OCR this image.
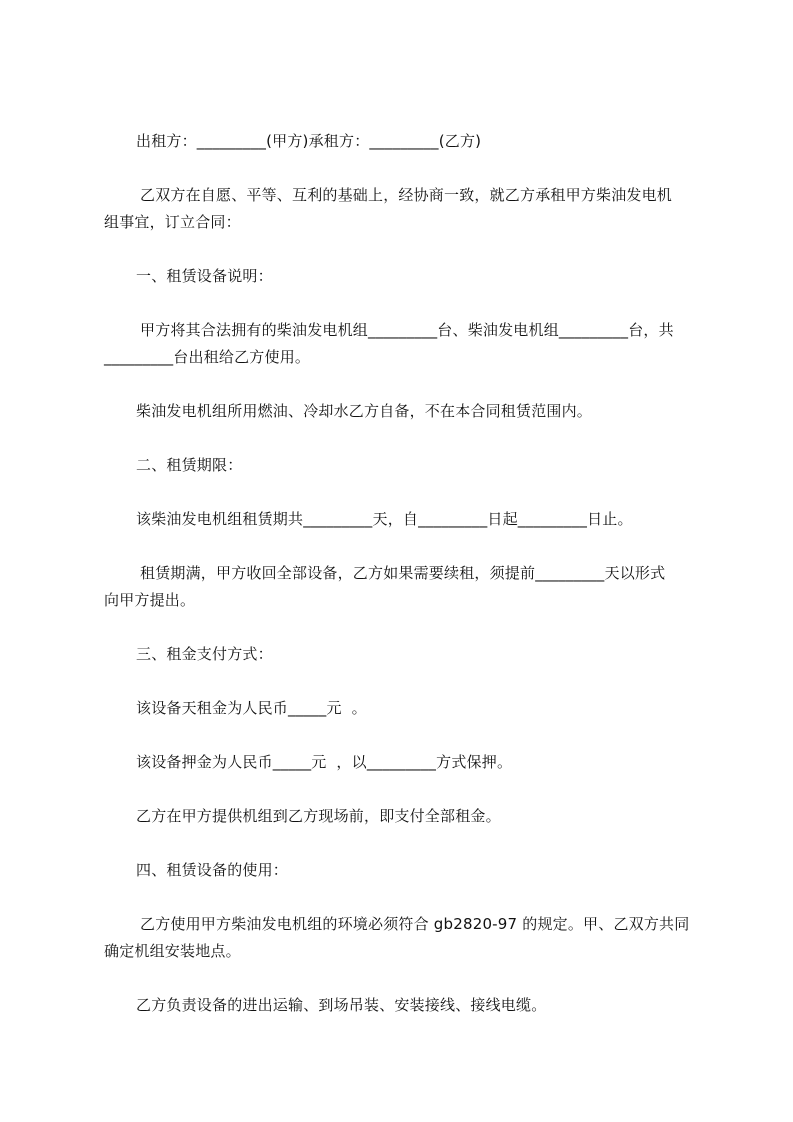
出租方：_________(甲方)承租方：_________(乙方)
乙双方在自愿、平等、互利的基础上，经协商一致，就乙方承租甲方柴油发电机
组事宜，订立合同：
一、租赁设备说明：
甲方将其合法拥有的柴油发电机组_________台、柴油发电机组_________台，共
_________台出租给乙方使用。
柴油发电机组所用燃油、冷却水乙方自备，不在本合同租赁范围内。
二、租赁期限：
该柴油发电机组租赁期共_________天，自_________日起_________日止。
租赁期满，甲方收回全部设备，乙方如果需要续租，须提前_________天以形式
向甲方提出。
三、租金支付方式：
该设备天租金为人民币_____元  。
该设备押金为人民币_____元  ，以_________方式保押。
乙方在甲方提供机组到乙方现场前，即支付全部租金。
四、租赁设备的使用：
乙方使用甲方柴油发电机组的环境必须符合 gb2820-97 的规定。甲、乙双方共同
确定机组安装地点。
乙方负责设备的进出运输、到场吊装、安装接线、接线电缆。
